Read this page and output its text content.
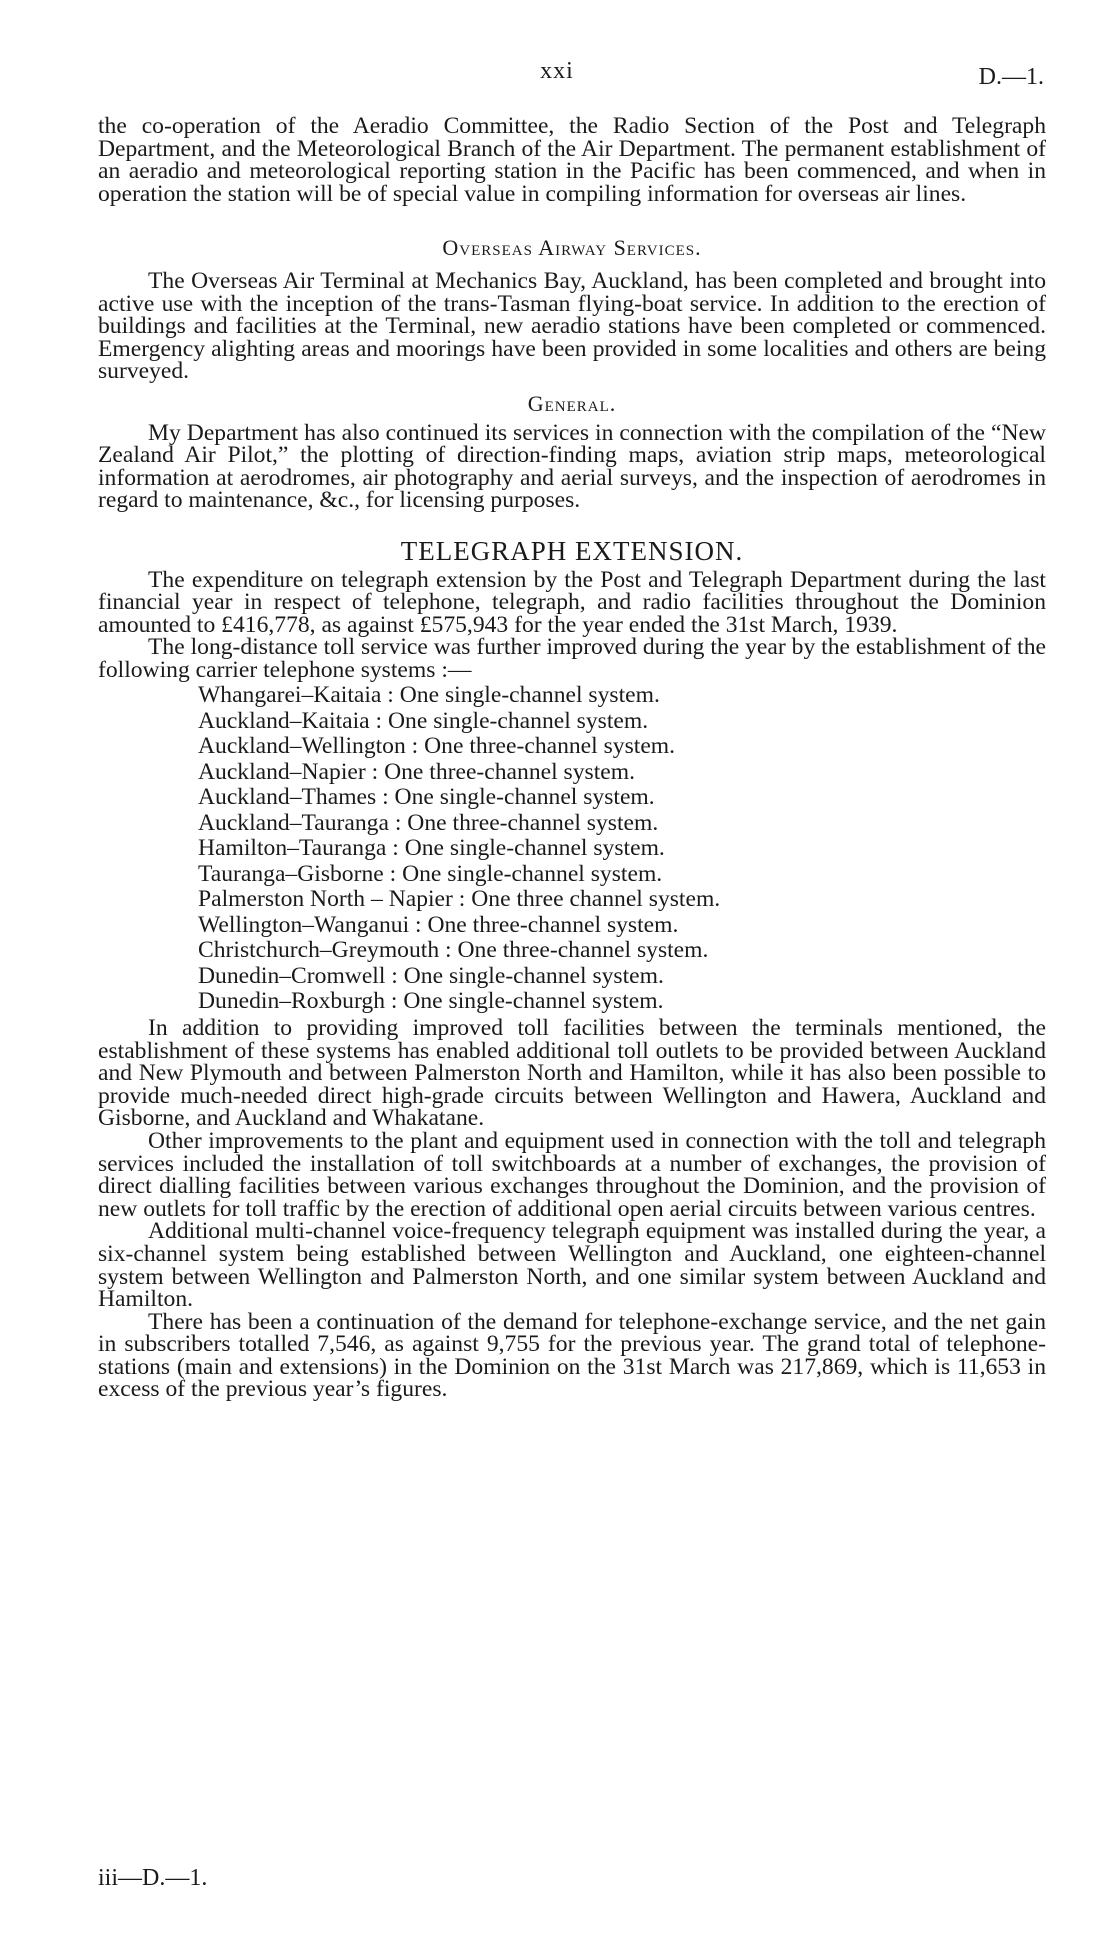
xxi	D.—1.

the co-operation of the Aeradio Committee, the Radio Section of the Post and Telegraph Department, and the Meteorological Branch of the Air Department. The permanent establishment of an aeradio and meteorological reporting station in the Pacific has been commenced, and when in operation the station will be of special value in compiling information for overseas air lines.

Overseas Airway Services.

The Overseas Air Terminal at Mechanics Bay, Auckland, has been completed and brought into active use with the inception of the trans-Tasman flying-boat service. In addition to the erection of buildings and facilities at the Terminal, new aeradio stations have been completed or commenced. Emergency alighting areas and moorings have been provided in some localities and others are being surveyed.

General.

My Department has also continued its services in connection with the compilation of the “New Zealand Air Pilot,” the plotting of direction-finding maps, aviation strip maps, meteorological information at aerodromes, air photography and aerial surveys, and the inspection of aerodromes in regard to maintenance, &c., for licensing purposes.

TELEGRAPH EXTENSION.

The expenditure on telegraph extension by the Post and Telegraph Department during the last financial year in respect of telephone, telegraph, and radio facilities throughout the Dominion amounted to £416,778, as against £575,943 for the year ended the 31st March, 1939.

The long-distance toll service was further improved during the year by the establishment of the following carrier telephone systems :—

Whangarei–Kaitaia : One single-channel system.
Auckland–Kaitaia : One single-channel system.
Auckland–Wellington : One three-channel system.
Auckland–Napier : One three-channel system.
Auckland–Thames : One single-channel system.
Auckland–Tauranga : One three-channel system.
Hamilton–Tauranga : One single-channel system.
Tauranga–Gisborne : One single-channel system.
Palmerston North – Napier : One three channel system.
Wellington–Wanganui : One three-channel system.
Christchurch–Greymouth : One three-channel system.
Dunedin–Cromwell : One single-channel system.
Dunedin–Roxburgh : One single-channel system.

In addition to providing improved toll facilities between the terminals mentioned, the establishment of these systems has enabled additional toll outlets to be provided between Auckland and New Plymouth and between Palmerston North and Hamilton, while it has also been possible to provide much-needed direct high-grade circuits between Wellington and Hawera, Auckland and Gisborne, and Auckland and Whakatane.

Other improvements to the plant and equipment used in connection with the toll and telegraph services included the installation of toll switchboards at a number of exchanges, the provision of direct dialling facilities between various exchanges throughout the Dominion, and the provision of new outlets for toll traffic by the erection of additional open aerial circuits between various centres.

Additional multi-channel voice-frequency telegraph equipment was installed during the year, a six-channel system being established between Wellington and Auckland, one eighteen-channel system between Wellington and Palmerston North, and one similar system between Auckland and Hamilton.

There has been a continuation of the demand for telephone-exchange service, and the net gain in subscribers totalled 7,546, as against 9,755 for the previous year. The grand total of telephone-stations (main and extensions) in the Dominion on the 31st March was 217,869, which is 11,653 in excess of the previous year’s figures.

iii—D.—1.
